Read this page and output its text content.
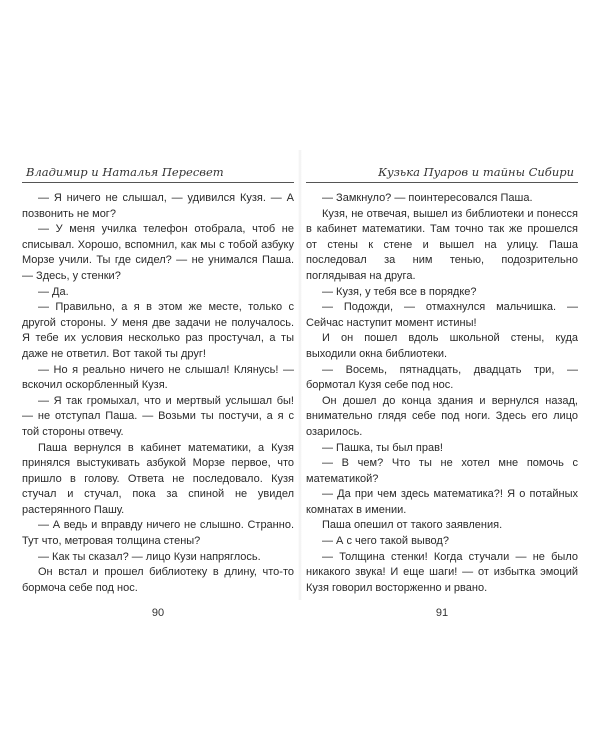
Владимир и Наталья Пересвет

— Я ничего не слышал, — удивился Кузя. — А позвонить не мог?

— У меня училка телефон отобрала, чтоб не списывал. Хорошо, вспомнил, как мы с тобой азбуку Морзе учили. Ты где сидел? — не унимался Паша. — Здесь, у стенки?

— Да.

— Правильно, а я в этом же месте, только с другой стороны. У меня две задачи не получалось. Я тебе их условия несколько раз простучал, а ты даже не ответил. Вот такой ты друг!

— Но я реально ничего не слышал! Клянусь! — вскочил оскорбленный Кузя.

— Я так громыхал, что и мертвый услышал бы! — не отступал Паша. — Возьми ты постучи, а я с той стороны отвечу.

Паша вернулся в кабинет математики, а Кузя принялся выстукивать азбукой Морзе первое, что пришло в голову. Ответа не последовало. Кузя стучал и стучал, пока за спиной не увидел растерянного Пашу.

— А ведь и вправду ничего не слышно. Странно. Тут что, метровая толщина стены?

— Как ты сказал? — лицо Кузи напряглось.

Он встал и прошел библиотеку в длину, что-то бормоча себе под нос.

90
Кузька Пуаров и тайны Сибири

— Замкнуло? — поинтересовался Паша.

Кузя, не отвечая, вышел из библиотеки и понесся в кабинет математики. Там точно так же прошелся от стены к стене и вышел на улицу. Паша последовал за ним тенью, подозрительно поглядывая на друга.

— Кузя, у тебя все в порядке?

— Подожди, — отмахнулся мальчишка. — Сейчас наступит момент истины!

И он пошел вдоль школьной стены, куда выходили окна библиотеки.

— Восемь, пятнадцать, двадцать три, — бормотал Кузя себе под нос.

Он дошел до конца здания и вернулся назад, внимательно глядя себе под ноги. Здесь его лицо озарилось.

— Пашка, ты был прав!

— В чем? Что ты не хотел мне помочь с математикой?

— Да при чем здесь математика?! Я о потайных комнатах в имении.

Паша опешил от такого заявления.

— А с чего такой вывод?

— Толщина стенки! Когда стучали — не было никакого звука! И еще шаги! — от избытка эмоций Кузя говорил восторженно и рвано.

91
